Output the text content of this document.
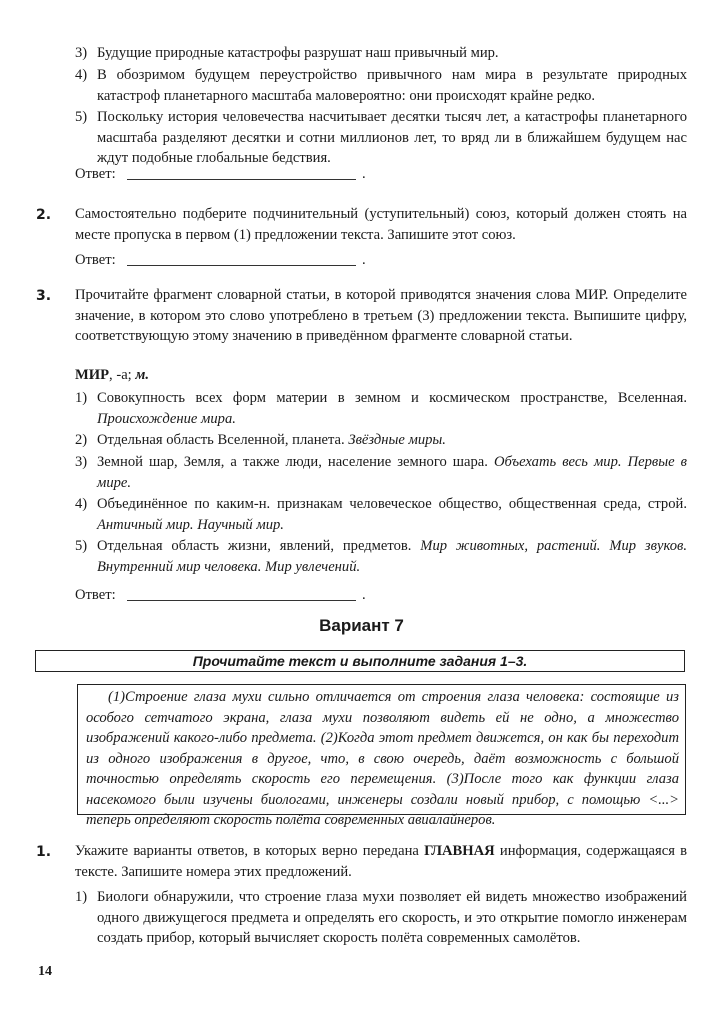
3) Будущие природные катастрофы разрушат наш привычный мир.
4) В обозримом будущем переустройство привычного нам мира в результате природных катастроф планетарного масштаба маловероятно: они происходят крайне редко.
5) Поскольку история человечества насчитывает десятки тысяч лет, а катастрофы планетарного масштаба разделяют десятки и сотни миллионов лет, то вряд ли в ближайшем будущем нас ждут подобные глобальные бедствия.
Ответ:	.
2. Самостоятельно подберите подчинительный (уступительный) союз, который должен стоять на месте пропуска в первом (1) предложении текста. Запишите этот союз.
Ответ:	.
3. Прочитайте фрагмент словарной статьи, в которой приводятся значения слова МИР. Определите значение, в котором это слово употреблено в третьем (3) предложении текста. Выпишите цифру, соответствующую этому значению в приведённом фрагменте словарной статьи.
МИР, -а; м.
1) Совокупность всех форм материи в земном и космическом пространстве, Вселенная. Происхождение мира.
2) Отдельная область Вселенной, планета. Звёздные миры.
3) Земной шар, Земля, а также люди, население земного шара. Объехать весь мир. Первые в мире.
4) Объединённое по каким-н. признакам человеческое общество, общественная среда, строй. Античный мир. Научный мир.
5) Отдельная область жизни, явлений, предметов. Мир животных, растений. Мир звуков. Внутренний мир человека. Мир увлечений.
Ответ:	.
Вариант 7
Прочитайте текст и выполните задания 1–3.

(1)Строение глаза мухи сильно отличается от строения глаза человека: состоящие из особого сетчатого экрана, глаза мухи позволяют видеть ей не одно, а множество изображений какого-либо предмета. (2)Когда этот предмет движется, он как бы переходит из одного изображения в другое, что, в свою очередь, даёт возможность с большой точностью определять скорость его перемещения. (3)После того как функции глаза насекомого были изучены биологами, инженеры создали новый прибор, с помощью <...> теперь определяют скорость полёта современных авиалайнеров.

1. Укажите варианты ответов, в которых верно передана ГЛАВНАЯ информация, содержащаяся в тексте. Запишите номера этих предложений.
1) Биологи обнаружили, что строение глаза мухи позволяет ей видеть множество изображений одного движущегося предмета и определять его скорость, и это открытие помогло инженерам создать прибор, который вычисляет скорость полёта современных самолётов.
14
